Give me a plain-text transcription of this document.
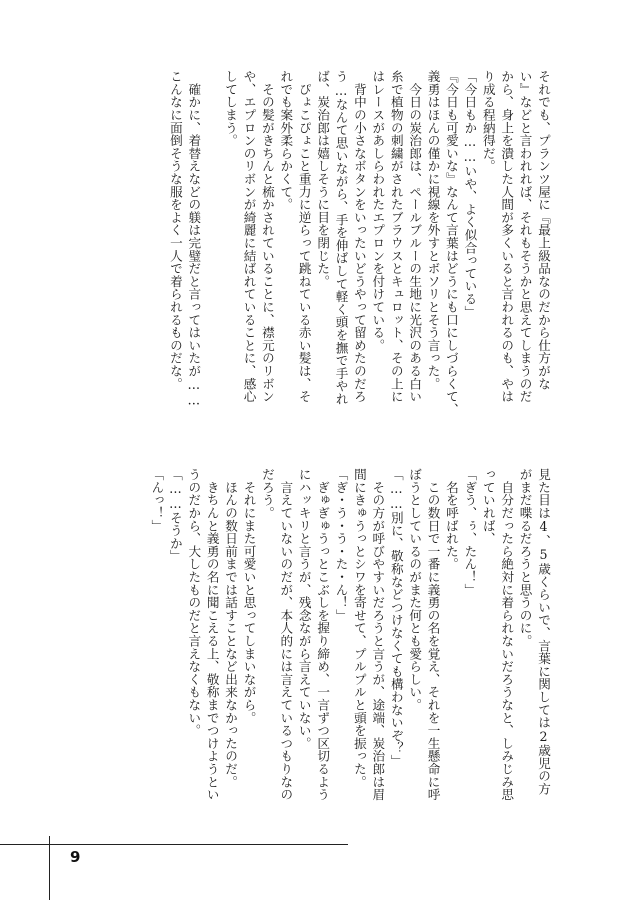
それでも、プランツ屋に『最上級品なのだから仕方がな
い』などと言われれば、それもそうかと思えてしまうのだ
から、身上を潰した人間が多くいると言われるのも、やは
り成る程納得だ。
「今日もか……いや、よく似合っている」
『今日も可愛いな』なんて言葉はどうにも口にしづらくて、
義勇はほんの僅かに視線を外すとボソリとそう言った。
　今日の炭治郎は、ペールブルーの生地に光沢のある白い
糸で植物の刺繍がされたブラウスとキュロット、その上に
はレースがあしらわれたエプロンを付けている。
　背中の小さなボタンをいったいどうやって留めたのだろ
う…なんて思いながら、手を伸ばして軽く頭を撫で手やれ
ば、炭治郎は嬉しそうに目を閉じた。
　ぴょこぴょこと重力に逆らって跳ねている赤い髪は、そ
れでも案外柔らかくて。
　その髪がきちんと梳かされていることに、襟元のリボン
や、エプロンのリボンが綺麗に結ばれていることに、感心
してしまう。

　確かに、着替えなどの躾は完璧だと言ってはいたが……
こんなに面倒そうな服をよく一人で着られるものだな。
見た目は4、5歳くらいで、言葉に関しては2歳児の方
がまだ喋るだろうと思うのに。
　自分だったら絶対に着られないだろうなと、しみじみ思
っていれば、
「ぎう、ぅ、たん！」
　名を呼ばれた。
　この数日で一番に義勇の名を覚え、それを一生懸命に呼
ぼうとしているのがまた何とも愛らしい。
「……別に、敬称などつけなくても構わないぞ？」
　その方が呼びやすいだろうと言うが、途端、炭治郎は眉
間にきゅうっとシワを寄せて、プルプルと頭を振った。
「ぎ・う・う・た・ん！」
　ぎゅぎゅうっとこぶしを握り締め、一言ずつ区切るよう
にハッキリと言うが、残念ながら言えていない。
　言えていないのだが、本人的には言えているつもりなの
だろう。
　それにまた可愛いと思ってしまいながら。
　ほんの数日前までは話すことなど出来なかったのだ。
　きちんと義勇の名に聞こえる上、敬称までつけようとい
うのだから、大したものだと言えなくもない。
「……そうか」
「んっ！」
9
